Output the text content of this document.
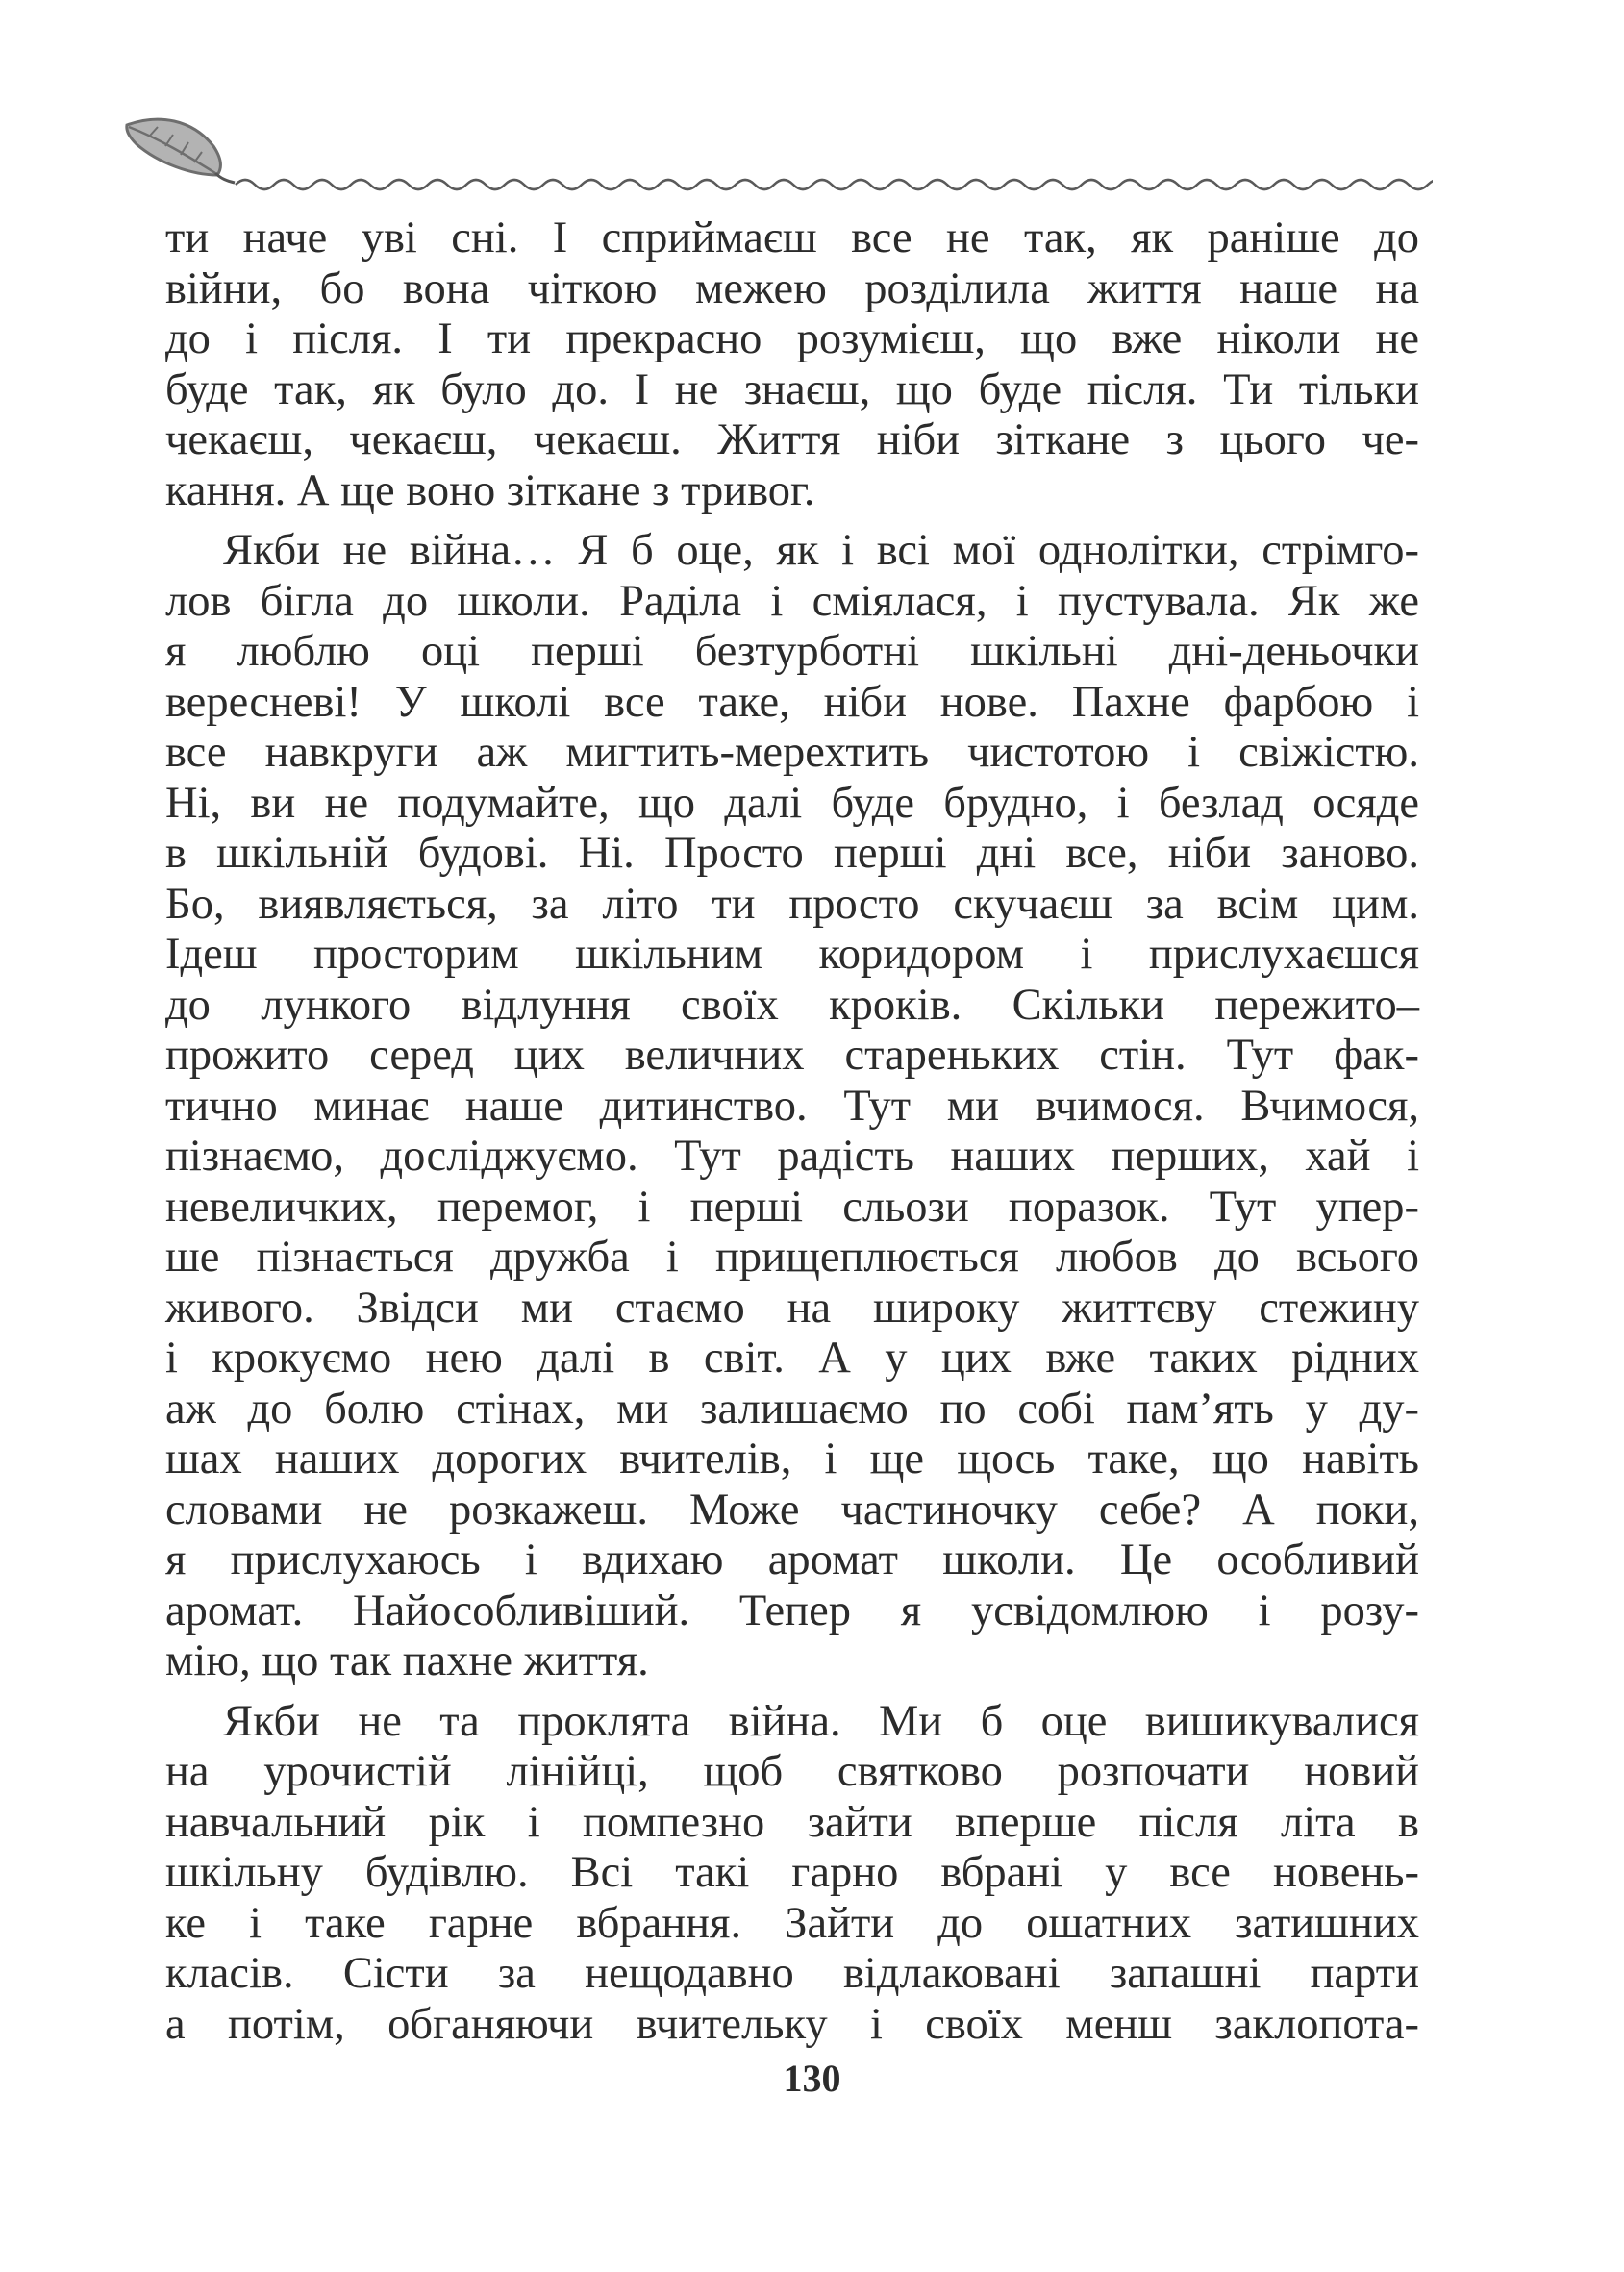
ти наче уві сні. І сприймаєш все не так, як раніше до
війни, бо вона чіткою межею розділила життя наше на
до і після. І ти прекрасно розумієш, що вже ніколи не
буде так, як було до. І не знаєш, що буде після. Ти тільки
чекаєш, чекаєш, чекаєш. Життя ніби зіткане з цього че-
кання. А ще воно зіткане з тривог.
Якби не війна… Я б оце, як і всі мої однолітки, стрімго-
лов бігла до школи. Раділа і сміялася, і пустувала. Як же
я люблю оці перші безтурботні шкільні дні-деньочки
вересневі! У школі все таке, ніби нове. Пахне фарбою і
все навкруги аж мигтить-мерехтить чистотою і свіжістю.
Ні, ви не подумайте, що далі буде брудно, і безлад осяде
в шкільній будові. Ні. Просто перші дні все, ніби заново.
Бо, виявляється, за літо ти просто скучаєш за всім цим.
Ідеш просторим шкільним коридором і прислухаєшся
до лункого відлуння своїх кроків. Скільки пережито–
прожито серед цих величних старенькиx стін. Тут фак-
тично минає наше дитинство. Тут ми вчимося. Вчимося,
пізнаємо, досліджуємо. Тут радість наших перших, хай і
невеличких, перемог, і перші сльози поразок. Тут упер-
ше пізнається дружба і прищеплюється любов до всього
живого. Звідси ми стаємо на широку життєву стежину
і крокуємо нею далі в світ. А у цих вже таких рідних
аж до болю стінах, ми залишаємо по собі пам’ять у ду-
шах наших дорогих вчителів, і ще щось таке, що навіть
словами не розкажеш. Може частиночку себе? А поки,
я прислухаюсь і вдихаю аромат школи. Це особливий
аромат. Найособливіший. Тепер я усвідомлюю і розу-
мію, що так пахне життя.
Якби не та проклята війна. Ми б оце вишикувалися
на урочистій лінійці, щоб святково розпочати новий
навчальний рік і помпезно зайти вперше після літа в
шкільну будівлю. Всі такі гарно вбрані у все новень-
ке і таке гарне вбрання. Зайти до ошатних затишних
класів. Сісти за нещодавно відлаковані запашні парти
а потім, обганяючи вчительку і своїх менш заклопота-
130
